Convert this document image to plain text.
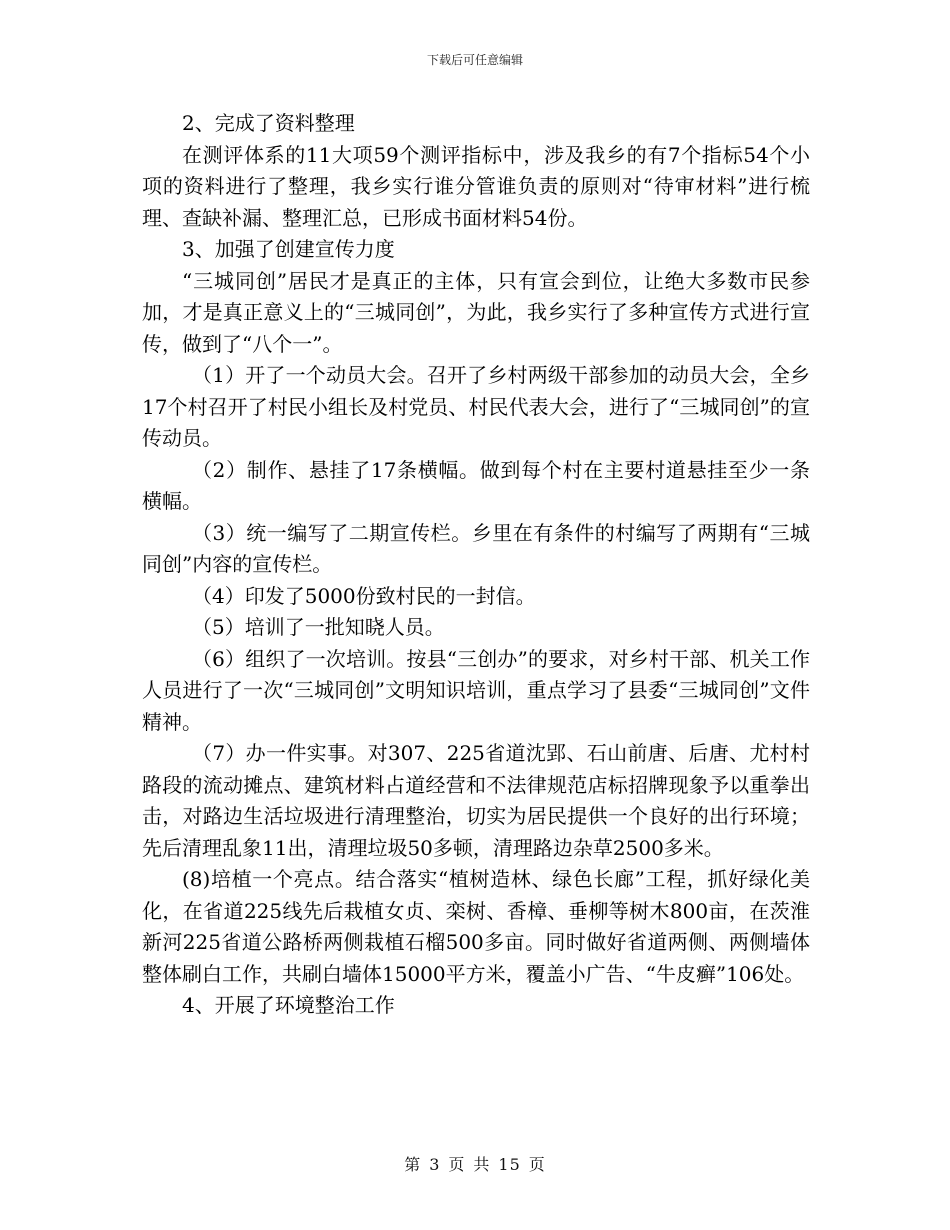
下载后可任意编辑

2、完成了资料整理

在测评体系的11大项59个测评指标中，涉及我乡的有7个指标54个小项的资料进行了整理，我乡实行谁分管谁负责的原则对“待审材料”进行梳理、查缺补漏、整理汇总，已形成书面材料54份。

3、加强了创建宣传力度

“三城同创”居民才是真正的主体，只有宣会到位，让绝大多数市民参加，才是真正意义上的“三城同创”，为此，我乡实行了多种宣传方式进行宣传，做到了“八个一”。

（1）开了一个动员大会。召开了乡村两级干部参加的动员大会，全乡17个村召开了村民小组长及村党员、村民代表大会，进行了“三城同创”的宣传动员。

（2）制作、悬挂了17条横幅。做到每个村在主要村道悬挂至少一条横幅。

（3）统一编写了二期宣传栏。乡里在有条件的村编写了两期有“三城同创”内容的宣传栏。

（4）印发了5000份致村民的一封信。

（5）培训了一批知晓人员。

（6）组织了一次培训。按县“三创办”的要求，对乡村干部、机关工作人员进行了一次“三城同创”文明知识培训，重点学习了县委“三城同创”文件精神。

（7）办一件实事。对307、225省道沈郢、石山前唐、后唐、尤村村路段的流动摊点、建筑材料占道经营和不法律规范店标招牌现象予以重拳出击，对路边生活垃圾进行清理整治，切实为居民提供一个良好的出行环境；先后清理乱象11出，清理垃圾50多顿，清理路边杂草2500多米。

(8)培植一个亮点。结合落实“植树造林、绿色长廊”工程，抓好绿化美化，在省道225线先后栽植女贞、栾树、香樟、垂柳等树木800亩，在茨淮新河225省道公路桥两侧栽植石榴500多亩。同时做好省道两侧、两侧墙体整体刷白工作，共刷白墙体15000平方米，覆盖小广告、“牛皮癣”106处。

4、开展了环境整治工作

第 3 页 共 15 页
